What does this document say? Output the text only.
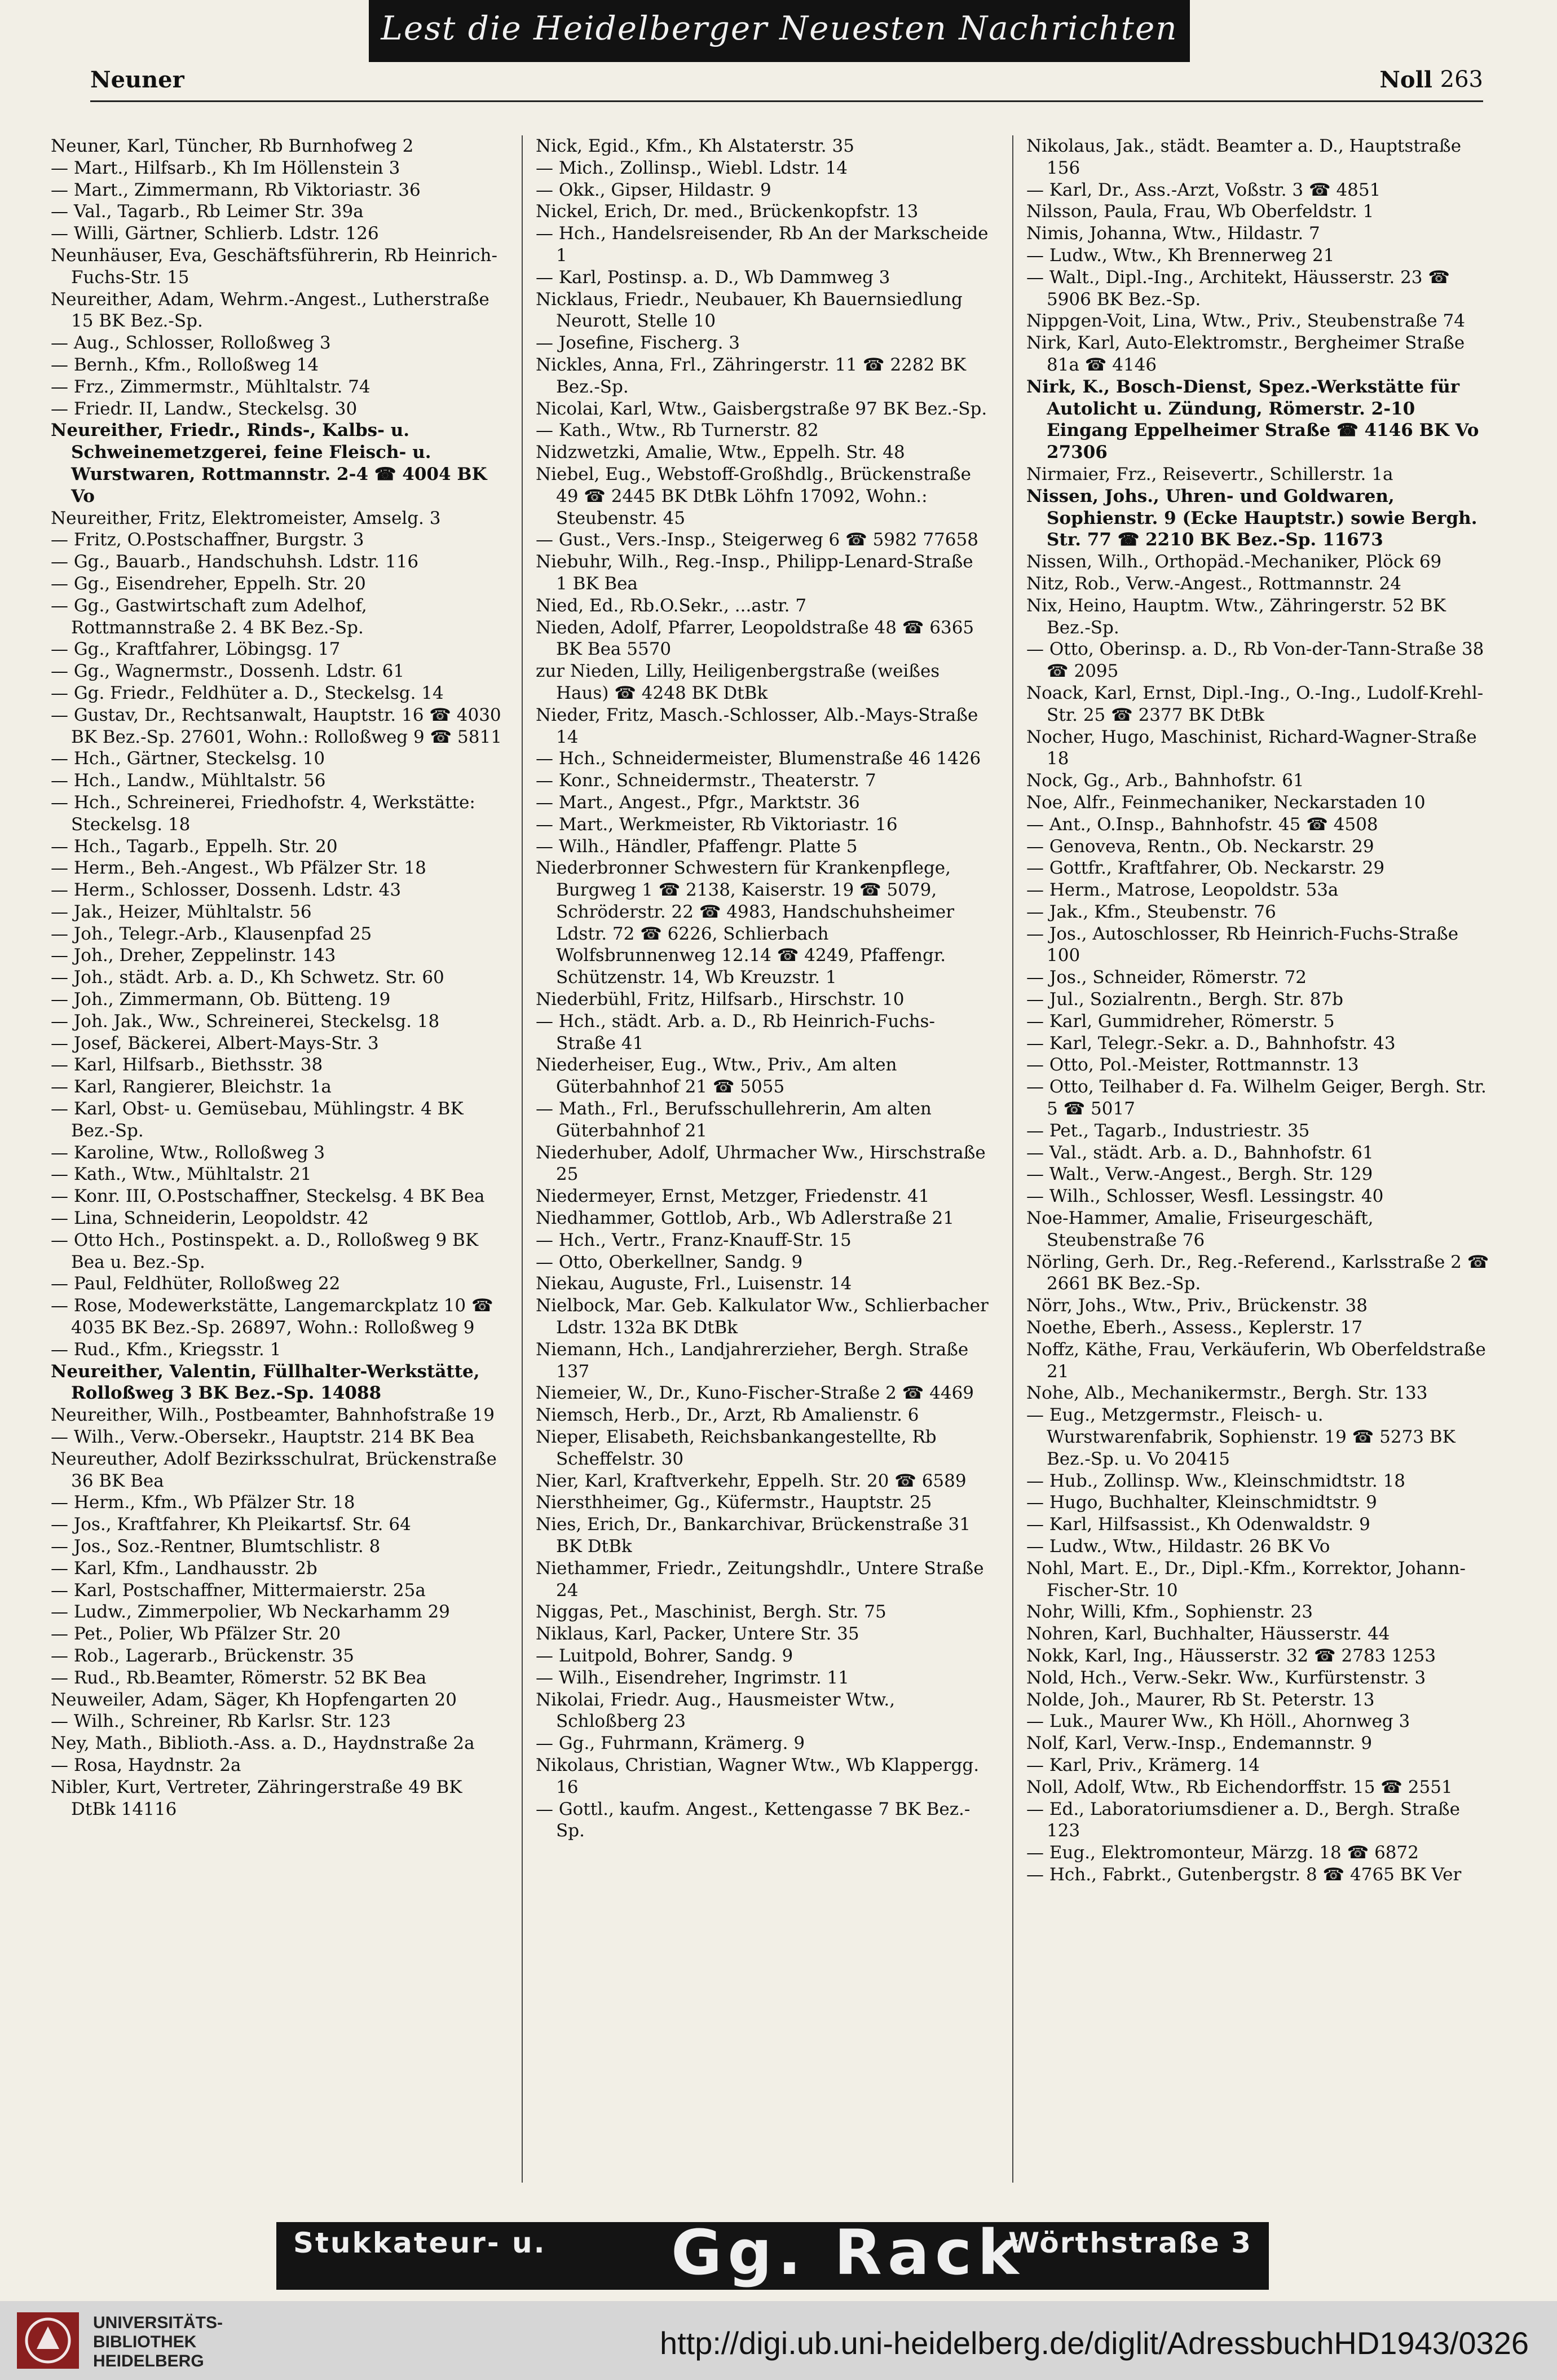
Lest die Heidelberger Neuesten Nachrichten
Neuner	Noll 263

Neuner, Karl, Tüncher, Rb Burnhofweg 2

— Mart., Hilfsarb., Kh Im Höllenstein 3

— Mart., Zimmermann, Rb Viktoriastr. 36

— Val., Tagarb., Rb Leimer Str. 39a

— Willi, Gärtner, Schlierb. Ldstr. 126

Neunhäuser, Eva, Geschäftsführerin, Rb Heinrich-Fuchs-Str. 15

Neureither, Adam, Wehrm.-Angest., Lutherstraße 15 BK Bez.-Sp.

— Aug., Schlosser, Rolloßweg 3

— Bernh., Kfm., Rolloßweg 14

— Frz., Zimmermstr., Mühltalstr. 74

— Friedr. II, Landw., Steckelsg. 30

Neureither, Friedr., Rinds-, Kalbs- u. Schweinemetzgerei, feine Fleisch- u. Wurstwaren, Rottmannstr. 2-4 ☎ 4004 BK Vo

Neureither, Fritz, Elektromeister, Amselg. 3

— Fritz, O.Postschaffner, Burgstr. 3

— Gg., Bauarb., Handschuhsh. Ldstr. 116

— Gg., Eisendreher, Eppelh. Str. 20

— Gg., Gastwirtschaft zum Adelhof, Rottmannstraße 2. 4 BK Bez.-Sp.

— Gg., Kraftfahrer, Löbingsg. 17

— Gg., Wagnermstr., Dossenh. Ldstr. 61

— Gg. Friedr., Feldhüter a. D., Steckelsg. 14

— Gustav, Dr., Rechtsanwalt, Hauptstr. 16 ☎ 4030 BK Bez.-Sp. 27601, Wohn.: Rolloßweg 9 ☎ 5811

— Hch., Gärtner, Steckelsg. 10

— Hch., Landw., Mühltalstr. 56

— Hch., Schreinerei, Friedhofstr. 4, Werkstätte: Steckelsg. 18

— Hch., Tagarb., Eppelh. Str. 20

— Herm., Beh.-Angest., Wb Pfälzer Str. 18

— Herm., Schlosser, Dossenh. Ldstr. 43

— Jak., Heizer, Mühltalstr. 56

— Joh., Telegr.-Arb., Klausenpfad 25

— Joh., Dreher, Zeppelinstr. 143

— Joh., städt. Arb. a. D., Kh Schwetz. Str. 60

— Joh., Zimmermann, Ob. Bütteng. 19

— Joh. Jak., Ww., Schreinerei, Steckelsg. 18

— Josef, Bäckerei, Albert-Mays-Str. 3

— Karl, Hilfsarb., Biethsstr. 38

— Karl, Rangierer, Bleichstr. 1a

— Karl, Obst- u. Gemüsebau, Mühlingstr. 4 BK Bez.-Sp.

— Karoline, Wtw., Rolloßweg 3

— Kath., Wtw., Mühltalstr. 21

— Konr. III, O.Postschaffner, Steckelsg. 4 BK Bea

— Lina, Schneiderin, Leopoldstr. 42

— Otto Hch., Postinspekt. a. D., Rolloßweg 9 BK Bea u. Bez.-Sp.

— Paul, Feldhüter, Rolloßweg 22

— Rose, Modewerkstätte, Langemarckplatz 10 ☎ 4035 BK Bez.-Sp. 26897, Wohn.: Rolloßweg 9

— Rud., Kfm., Kriegsstr. 1

Neureither, Valentin, Füllhalter-Werkstätte, Rolloßweg 3 BK Bez.-Sp. 14088

Neureither, Wilh., Postbeamter, Bahnhofstraße 19

— Wilh., Verw.-Obersekr., Hauptstr. 214 BK Bea

Neureuther, Adolf Bezirksschulrat, Brückenstraße 36 BK Bea

— Herm., Kfm., Wb Pfälzer Str. 18

— Jos., Kraftfahrer, Kh Pleikartsf. Str. 64

— Jos., Soz.-Rentner, Blumtschlistr. 8

— Karl, Kfm., Landhausstr. 2b

— Karl, Postschaffner, Mittermaierstr. 25a

— Ludw., Zimmerpolier, Wb Neckarhamm 29

— Pet., Polier, Wb Pfälzer Str. 20

— Rob., Lagerarb., Brückenstr. 35

— Rud., Rb.Beamter, Römerstr. 52 BK Bea

Neuweiler, Adam, Säger, Kh Hopfengarten 20

— Wilh., Schreiner, Rb Karlsr. Str. 123

Ney, Math., Biblioth.-Ass. a. D., Haydnstraße 2a

— Rosa, Haydnstr. 2a

Nibler, Kurt, Vertreter, Zähringerstraße 49 BK DtBk 14116

Nick, Egid., Kfm., Kh Alstaterstr. 35

— Mich., Zollinsp., Wiebl. Ldstr. 14

— Okk., Gipser, Hildastr. 9

Nickel, Erich, Dr. med., Brückenkopfstr. 13

— Hch., Handelsreisender, Rb An der Markscheide 1

— Karl, Postinsp. a. D., Wb Dammweg 3

Nicklaus, Friedr., Neubauer, Kh Bauernsiedlung Neurott, Stelle 10

— Josefine, Fischerg. 3

Nickles, Anna, Frl., Zähringerstr. 11 ☎ 2282 BK Bez.-Sp.

Nicolai, Karl, Wtw., Gaisbergstraße 97 BK Bez.-Sp.

— Kath., Wtw., Rb Turnerstr. 82

Nidzwetzki, Amalie, Wtw., Eppelh. Str. 48

Niebel, Eug., Webstoff-Großhdlg., Brückenstraße 49 ☎ 2445 BK DtBk Löhfn 17092, Wohn.: Steubenstr. 45

— Gust., Vers.-Insp., Steigerweg 6 ☎ 5982 77658

Niebuhr, Wilh., Reg.-Insp., Philipp-Lenard-Straße 1 BK Bea

Nied, Ed., Rb.O.Sekr., ...astr. 7

Nieden, Adolf, Pfarrer, Leopoldstraße 48 ☎ 6365 BK Bea 5570

zur Nieden, Lilly, Heiligenbergstraße (weißes Haus) ☎ 4248 BK DtBk

Nieder, Fritz, Masch.-Schlosser, Alb.-Mays-Straße 14

— Hch., Schneidermeister, Blumenstraße 46 1426

— Konr., Schneidermstr., Theaterstr. 7

— Mart., Angest., Pfgr., Marktstr. 36

— Mart., Werkmeister, Rb Viktoriastr. 16

— Wilh., Händler, Pfaffengr. Platte 5

Niederbronner Schwestern für Krankenpflege, Burgweg 1 ☎ 2138, Kaiserstr. 19 ☎ 5079, Schröderstr. 22 ☎ 4983, Handschuhsheimer Ldstr. 72 ☎ 6226, Schlierbach Wolfsbrunnenweg 12.14 ☎ 4249, Pfaffengr. Schützenstr. 14, Wb Kreuzstr. 1

Niederbühl, Fritz, Hilfsarb., Hirschstr. 10

— Hch., städt. Arb. a. D., Rb Heinrich-Fuchs-Straße 41

Niederheiser, Eug., Wtw., Priv., Am alten Güterbahnhof 21 ☎ 5055

— Math., Frl., Berufsschullehrerin, Am alten Güterbahnhof 21

Niederhuber, Adolf, Uhrmacher Ww., Hirschstraße 25

Niedermeyer, Ernst, Metzger, Friedenstr. 41

Niedhammer, Gottlob, Arb., Wb Adlerstraße 21

— Hch., Vertr., Franz-Knauff-Str. 15

— Otto, Oberkellner, Sandg. 9

Niekau, Auguste, Frl., Luisenstr. 14

Nielbock, Mar. Geb. Kalkulator Ww., Schlierbacher Ldstr. 132a BK DtBk

Niemann, Hch., Landjahrerzieher, Bergh. Straße 137

Niemeier, W., Dr., Kuno-Fischer-Straße 2 ☎ 4469

Niemsch, Herb., Dr., Arzt, Rb Amalienstr. 6

Nieper, Elisabeth, Reichsbankangestellte, Rb Scheffelstr. 30

Nier, Karl, Kraftverkehr, Eppelh. Str. 20 ☎ 6589

Niersthheimer, Gg., Küfermstr., Hauptstr. 25

Nies, Erich, Dr., Bankarchivar, Brückenstraße 31 BK DtBk

Niethammer, Friedr., Zeitungshdlr., Untere Straße 24

Niggas, Pet., Maschinist, Bergh. Str. 75

Niklaus, Karl, Packer, Untere Str. 35

— Luitpold, Bohrer, Sandg. 9

— Wilh., Eisendreher, Ingrimstr. 11

Nikolai, Friedr. Aug., Hausmeister Wtw., Schloßberg 23

— Gg., Fuhrmann, Krämerg. 9

Nikolaus, Christian, Wagner Wtw., Wb Klappergg. 16

— Gottl., kaufm. Angest., Kettengasse 7 BK Bez.-Sp.

Nikolaus, Jak., städt. Beamter a. D., Hauptstraße 156

— Karl, Dr., Ass.-Arzt, Voßstr. 3 ☎ 4851

Nilsson, Paula, Frau, Wb Oberfeldstr. 1

Nimis, Johanna, Wtw., Hildastr. 7

— Ludw., Wtw., Kh Brennerweg 21

— Walt., Dipl.-Ing., Architekt, Häusserstr. 23 ☎ 5906 BK Bez.-Sp.

Nippgen-Voit, Lina, Wtw., Priv., Steubenstraße 74

Nirk, Karl, Auto-Elektromstr., Bergheimer Straße 81a ☎ 4146

Nirk, K., Bosch-Dienst, Spez.-Werkstätte für Autolicht u. Zündung, Römerstr. 2-10 Eingang Eppelheimer Straße ☎ 4146 BK Vo 27306

Nirmaier, Frz., Reisevertr., Schillerstr. 1a

Nissen, Johs., Uhren- und Goldwaren, Sophienstr. 9 (Ecke Hauptstr.) sowie Bergh. Str. 77 ☎ 2210 BK Bez.-Sp. 11673

Nissen, Wilh., Orthopäd.-Mechaniker, Plöck 69

Nitz, Rob., Verw.-Angest., Rottmannstr. 24

Nix, Heino, Hauptm. Wtw., Zähringerstr. 52 BK Bez.-Sp.

— Otto, Oberinsp. a. D., Rb Von-der-Tann-Straße 38 ☎ 2095

Noack, Karl, Ernst, Dipl.-Ing., O.-Ing., Ludolf-Krehl-Str. 25 ☎ 2377 BK DtBk

Nocher, Hugo, Maschinist, Richard-Wagner-Straße 18

Nock, Gg., Arb., Bahnhofstr. 61

Noe, Alfr., Feinmechaniker, Neckarstaden 10

— Ant., O.Insp., Bahnhofstr. 45 ☎ 4508

— Genoveva, Rentn., Ob. Neckarstr. 29

— Gottfr., Kraftfahrer, Ob. Neckarstr. 29

— Herm., Matrose, Leopoldstr. 53a

— Jak., Kfm., Steubenstr. 76

— Jos., Autoschlosser, Rb Heinrich-Fuchs-Straße 100

— Jos., Schneider, Römerstr. 72

— Jul., Sozialrentn., Bergh. Str. 87b

— Karl, Gummidreher, Römerstr. 5

— Karl, Telegr.-Sekr. a. D., Bahnhofstr. 43

— Otto, Pol.-Meister, Rottmannstr. 13

— Otto, Teilhaber d. Fa. Wilhelm Geiger, Bergh. Str. 5 ☎ 5017

— Pet., Tagarb., Industriestr. 35

— Val., städt. Arb. a. D., Bahnhofstr. 61

— Walt., Verw.-Angest., Bergh. Str. 129

— Wilh., Schlosser, Wesfl. Lessingstr. 40

Noe-Hammer, Amalie, Friseurgeschäft, Steubenstraße 76

Nörling, Gerh. Dr., Reg.-Referend., Karlsstraße 2 ☎ 2661 BK Bez.-Sp.

Nörr, Johs., Wtw., Priv., Brückenstr. 38

Noethe, Eberh., Assess., Keplerstr. 17

Noffz, Käthe, Frau, Verkäuferin, Wb Oberfeldstraße 21

Nohe, Alb., Mechanikermstr., Bergh. Str. 133

— Eug., Metzgermstr., Fleisch- u. Wurstwarenfabrik, Sophienstr. 19 ☎ 5273 BK Bez.-Sp. u. Vo 20415

— Hub., Zollinsp. Ww., Kleinschmidtstr. 18

— Hugo, Buchhalter, Kleinschmidtstr. 9

— Karl, Hilfsassist., Kh Odenwaldstr. 9

— Ludw., Wtw., Hildastr. 26 BK Vo

Nohl, Mart. E., Dr., Dipl.-Kfm., Korrektor, Johann-Fischer-Str. 10

Nohr, Willi, Kfm., Sophienstr. 23

Nohren, Karl, Buchhalter, Häusserstr. 44

Nokk, Karl, Ing., Häusserstr. 32 ☎ 2783 1253

Nold, Hch., Verw.-Sekr. Ww., Kurfürstenstr. 3

Nolde, Joh., Maurer, Rb St. Peterstr. 13

— Luk., Maurer Ww., Kh Höll., Ahornweg 3

Nolf, Karl, Verw.-Insp., Endemannstr. 9

— Karl, Priv., Krämerg. 14

Noll, Adolf, Wtw., Rb Eichendorffstr. 15 ☎ 2551

— Ed., Laboratoriumsdiener a. D., Bergh. Straße 123

— Eug., Elektromonteur, Märzg. 18 ☎ 6872

— Hch., Fabrkt., Gutenbergstr. 8 ☎ 4765 BK Ver

Stukkateur- u. Gg. Rack
Wörthstraße 3
UNIVERSITÄTS-
BIBLIOTHEK
HEIDELBERG
http://digi.ub.uni-heidelberg.de/diglit/AdressbuchHD1943/0326
